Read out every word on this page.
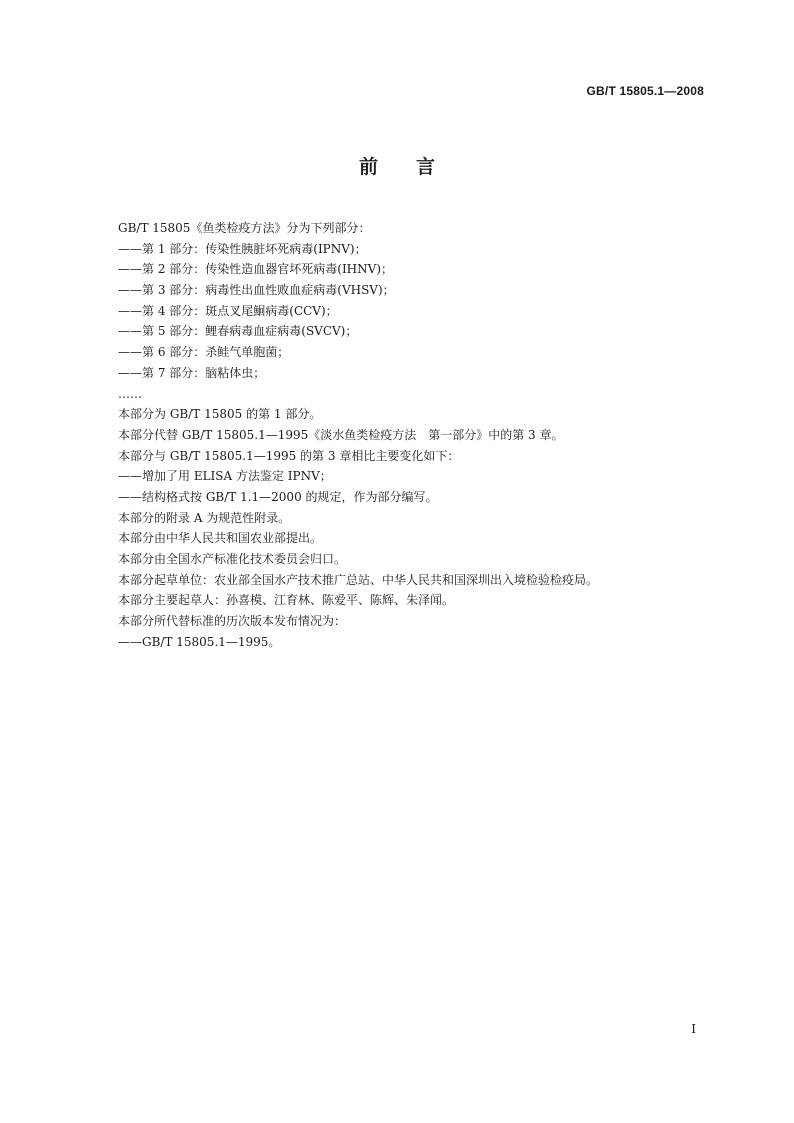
GB/T 15805.1—2008
前言
GB/T 15805《鱼类检疫方法》分为下列部分：
——第 1 部分：传染性胰脏坏死病毒(IPNV)；
——第 2 部分：传染性造血器官坏死病毒(IHNV)；
——第 3 部分：病毒性出血性败血症病毒(VHSV)；
——第 4 部分：斑点叉尾鮰病毒(CCV)；
——第 5 部分：鲤春病毒血症病毒(SVCV)；
——第 6 部分：杀鲑气单胞菌；
——第 7 部分：脑粘体虫；
……
本部分为 GB/T 15805 的第 1 部分。
本部分代替 GB/T 15805.1—1995《淡水鱼类检疫方法　第一部分》中的第 3 章。
本部分与 GB/T 15805.1—1995 的第 3 章相比主要变化如下：
——增加了用 ELISA 方法鉴定 IPNV；
——结构格式按 GB/T 1.1—2000 的规定，作为部分编写。
本部分的附录 A 为规范性附录。
本部分由中华人民共和国农业部提出。
本部分由全国水产标准化技术委员会归口。
本部分起草单位：农业部全国水产技术推广总站、中华人民共和国深圳出入境检验检疫局。
本部分主要起草人：孙喜模、江育林、陈爱平、陈辉、朱泽闻。
本部分所代替标准的历次版本发布情况为：
——GB/T 15805.1—1995。
I
